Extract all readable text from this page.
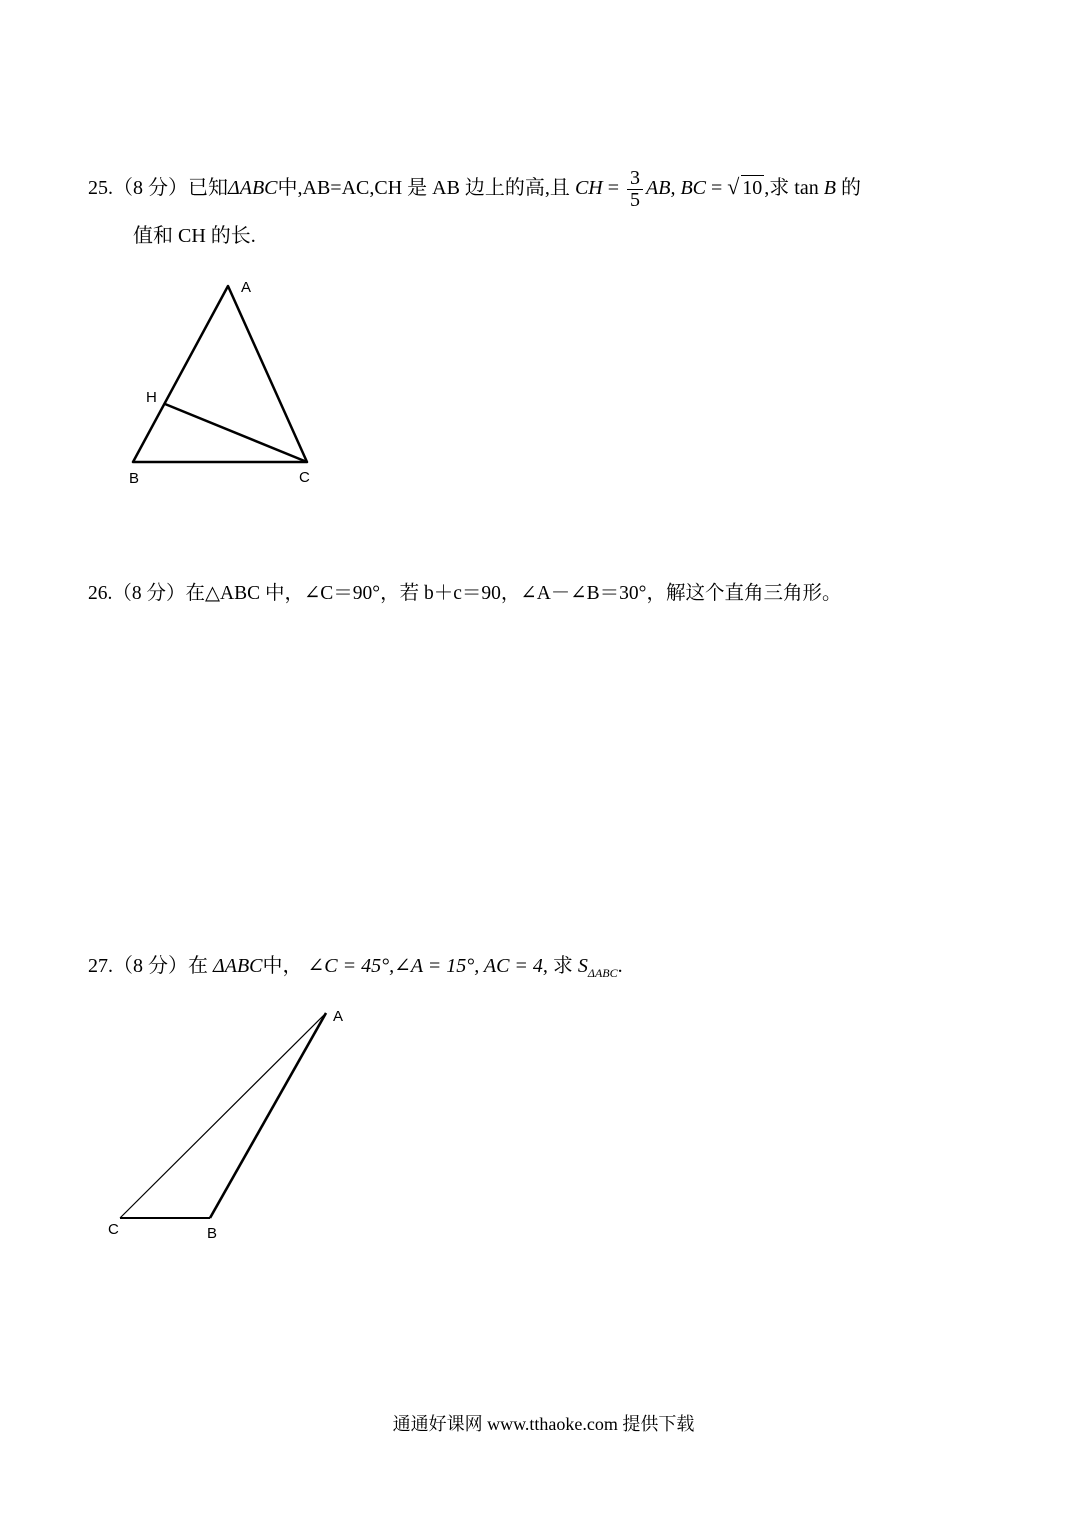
25.（8 分）已知ΔABC中,AB=AC,CH 是 AB 边上的高,且 CH = $\frac{3}{5}$ AB, BC = √ 10 ,求 tan B 的
值和 CH 的长.
A
H
B	C
26.（8 分）在△ABC 中，∠C＝90°，若 b＋c＝90，∠A－∠B＝30°，解这个直角三角形。
27.（8 分）在 ΔABC中， ∠C = 45°,∠A = 15°, AC = 4, 求 $S_{\Delta ABC}$.
A
C	B
通通好课网 www.tthaoke.com 提供下载
